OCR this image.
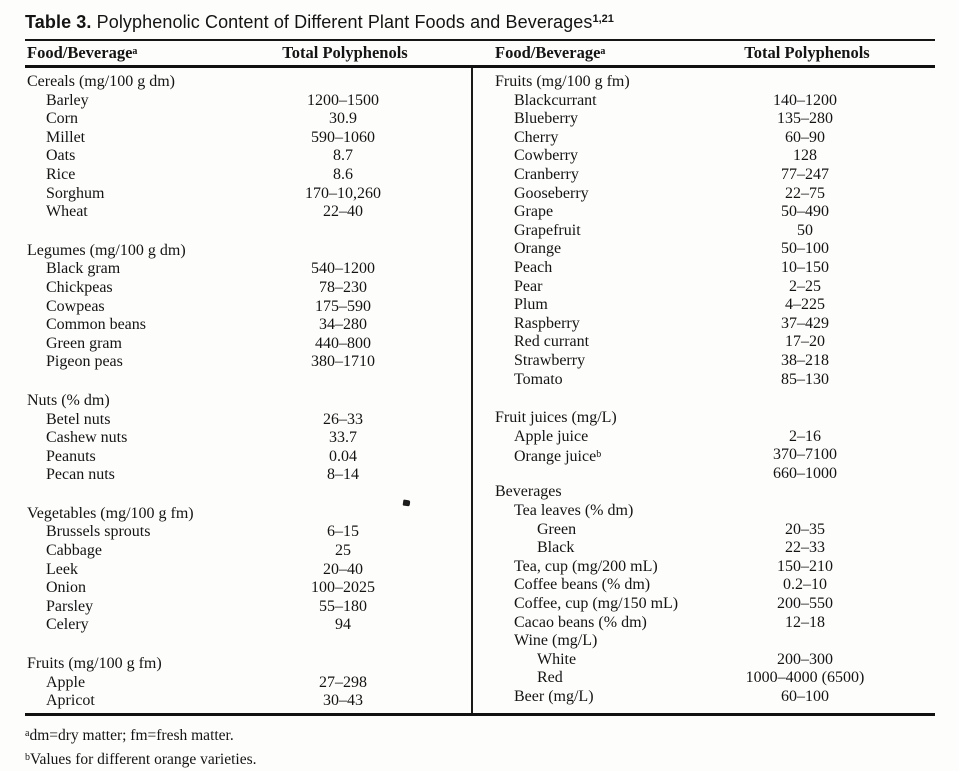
Table 3. Polyphenolic Content of Different Plant Foods and Beverages$^{1,21}$
Food/Beverage$^a$	Total Polyphenols	Food/Beverage$^a$	Total Polyphenols
Cereals (mg/100 g dm)
Barley	1200–1500
Corn	30.9
Millet	590–1060
Oats	8.7
Rice	8.6
Sorghum	170–10,260
Wheat	22–40
Legumes (mg/100 g dm)
Black gram	540–1200
Chickpeas	78–230
Cowpeas	175–590
Common beans	34–280
Green gram	440–800
Pigeon peas	380–1710
Nuts (% dm)
Betel nuts	26–33
Cashew nuts	33.7
Peanuts	0.04
Pecan nuts	8–14
Vegetables (mg/100 g fm)
Brussels sprouts	6–15
Cabbage	25
Leek	20–40
Onion	100–2025
Parsley	55–180
Celery	94
Fruits (mg/100 g fm)
Apple	27–298
Apricot	30–43
Fruits (mg/100 g fm)
Blackcurrant	140–1200
Blueberry	135–280
Cherry	60–90
Cowberry	128
Cranberry	77–247
Gooseberry	22–75
Grape	50–490
Grapefruit	50
Orange	50–100
Peach	10–150
Pear	2–25
Plum	4–225
Raspberry	37–429
Red currant	17–20
Strawberry	38–218
Tomato	85–130
Fruit juices (mg/L)
Apple juice	2–16
Orange juice$^b$	370–7100
660–1000
Beverages
Tea leaves (% dm)
Green	20–35
Black	22–33
Tea, cup (mg/200 mL)	150–210
Coffee beans (% dm)	0.2–10
Coffee, cup (mg/150 mL)	200–550
Cacao beans (% dm)	12–18
Wine (mg/L)
White	200–300
Red	1000–4000 (6500)
Beer (mg/L)	60–100
$^a$dm=dry matter; fm=fresh matter.
$^b$Values for different orange varieties.
